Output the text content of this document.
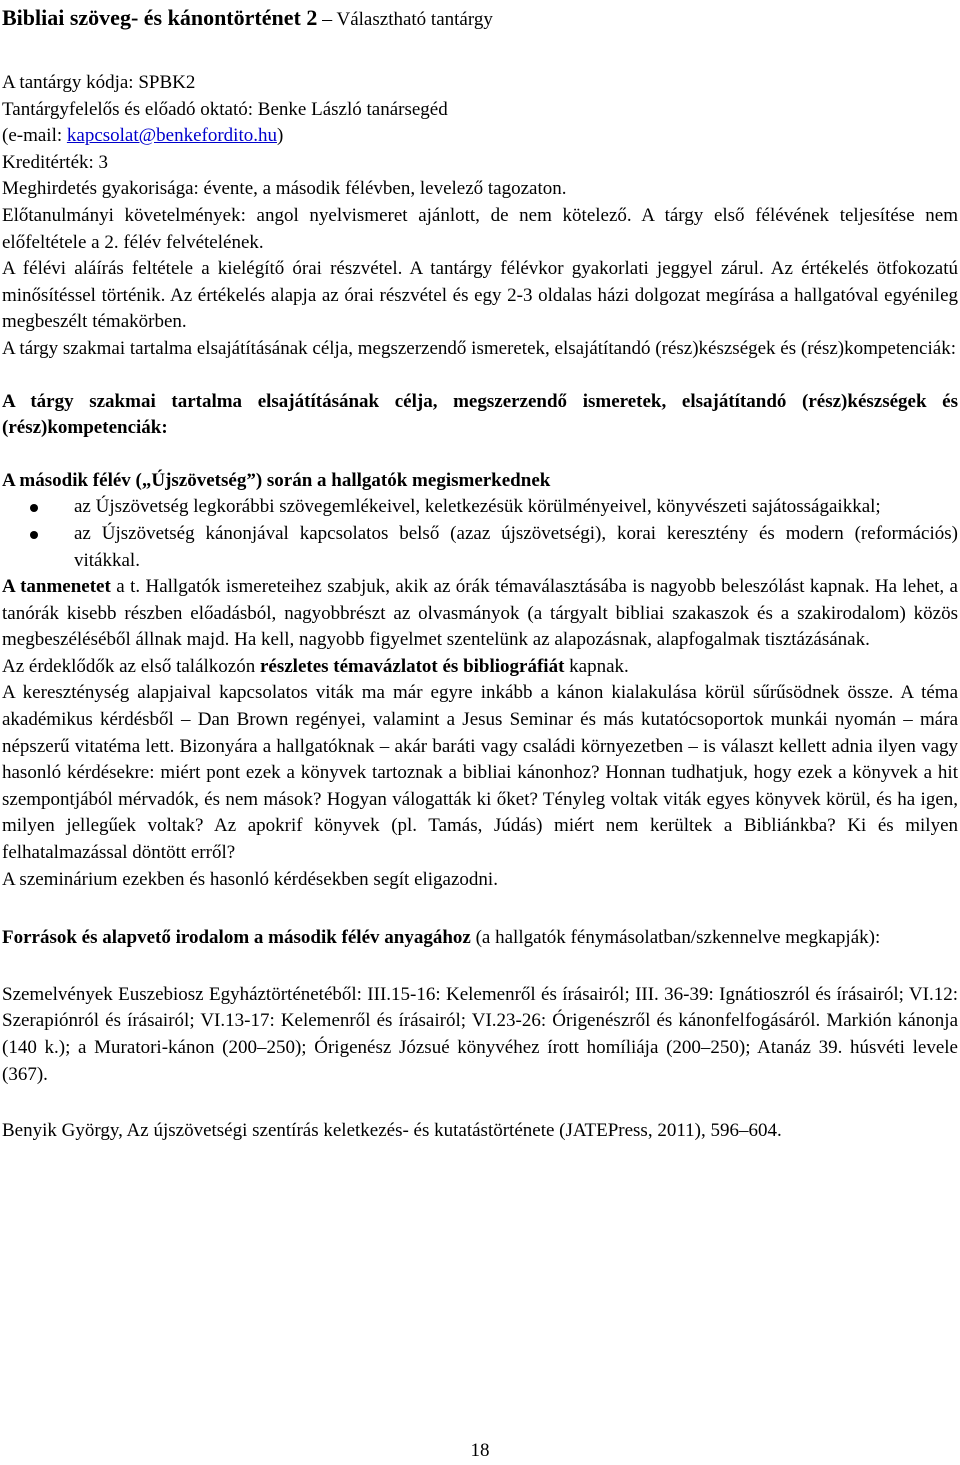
Bibliai szöveg- és kánontörténet 2 – Választható tantárgy

A tantárgy kódja: SPBK2

Tantárgyfelelős és előadó oktató: Benke László tanársegéd

(e-mail: kapcsolat@benkefordito.hu)

Kreditérték: 3

Meghirdetés gyakorisága: évente, a második félévben, levelező tagozaton.

Előtanulmányi követelmények: angol nyelvismeret ajánlott, de nem kötelező. A tárgy első félévének teljesítése nem előfeltétele a 2. félév felvételének.

A félévi aláírás feltétele a kielégítő órai részvétel. A tantárgy félévkor gyakorlati jeggyel zárul. Az értékelés ötfokozatú minősítéssel történik. Az értékelés alapja az órai részvétel és egy 2-3 oldalas házi dolgozat megírása a hallgatóval egyénileg megbeszélt témakörben.

A tárgy szakmai tartalma elsajátításának célja, megszerzendő ismeretek, elsajátítandó (rész)készségek és (rész)kompetenciák:

A tárgy szakmai tartalma elsajátításának célja, megszerzendő ismeretek, elsajátítandó (rész)készségek és (rész)kompetenciák:

A második félév („Újszövetség”) során a hallgatók megismerkednek

az Újszövetség legkorábbi szövegemlékeivel, keletkezésük körülményeivel, könyvészeti sajátosságaikkal;
az Újszövetség kánonjával kapcsolatos belső (azaz újszövetségi), korai keresztény és modern (reformációs) vitákkal.

A tanmenetet a t. Hallgatók ismereteihez szabjuk, akik az órák témaválasztásába is nagyobb beleszólást kapnak. Ha lehet, a tanórák kisebb részben előadásból, nagyobbrészt az olvasmányok (a tárgyalt bibliai szakaszok és a szakirodalom) közös megbeszéléséből állnak majd. Ha kell, nagyobb figyelmet szentelünk az alapozásnak, alapfogalmak tisztázásának.

Az érdeklődők az első találkozón részletes témavázlatot és bibliográfiát kapnak.

A kereszténység alapjaival kapcsolatos viták ma már egyre inkább a kánon kialakulása körül sűrűsödnek össze. A téma akadémikus kérdésből – Dan Brown regényei, valamint a Jesus Seminar és más kutatócsoportok munkái nyomán – mára népszerű vitatéma lett. Bizonyára a hallgatóknak – akár baráti vagy családi környezetben – is választ kellett adnia ilyen vagy hasonló kérdésekre: miért pont ezek a könyvek tartoznak a bibliai kánonhoz? Honnan tudhatjuk, hogy ezek a könyvek a hit szempontjából mérvadók, és nem mások? Hogyan válogatták ki őket? Tényleg voltak viták egyes könyvek körül, és ha igen, milyen jellegűek voltak? Az apokrif könyvek (pl. Tamás, Júdás) miért nem kerültek a Bibliánkba? Ki és milyen felhatalmazással döntött erről?

A szeminárium ezekben és hasonló kérdésekben segít eligazodni.

Források és alapvető irodalom a második félév anyagához (a hallgatók fénymásolatban/szkennelve megkapják):

Szemelvények Euszebiosz Egyháztörténetéből: III.15-16: Kelemenről és írásairól; III. 36-39: Ignátioszról és írásairól; VI.12: Szerapiónról és írásairól; VI.13-17: Kelemenről és írásairól; VI.23-26: Órigenészről és kánonfelfogásáról. Markión kánonja (140 k.); a Muratori-kánon (200–250); Órigenész Józsué könyvéhez írott homíliája (200–250); Atanáz 39. húsvéti levele (367).

Benyik György, Az újszövetségi szentírás keletkezés- és kutatástörténete (JATEPress, 2011), 596–604.

18
